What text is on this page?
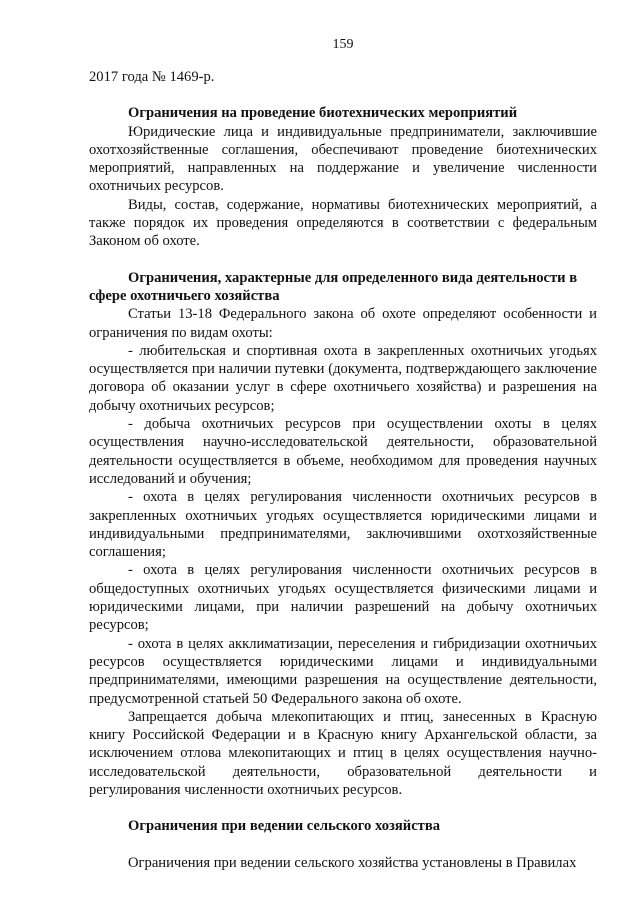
159

2017 года № 1469-р.

Ограничения на проведение биотехнических мероприятий

Юридические лица и индивидуальные предприниматели, заключившие охотхозяйственные соглашения, обеспечивают проведение биотехнических мероприятий, направленных на поддержание и увеличение численности охотничьих ресурсов.

Виды, состав, содержание, нормативы биотехнических мероприятий, а также порядок их проведения определяются в соответствии с федеральным Законом об охоте.

Ограничения, характерные для определенного вида деятельности в сфере охотничьего хозяйства

Статьи 13-18 Федерального закона об охоте определяют особенности и ограничения по видам охоты:

- любительская и спортивная охота в закрепленных охотничьих угодьях осуществляется при наличии путевки (документа, подтверждающего заключение договора об оказании услуг в сфере охотничьего хозяйства) и разрешения на добычу охотничьих ресурсов;

- добыча охотничьих ресурсов при осуществлении охоты в целях осуществления научно-исследовательской деятельности, образовательной деятельности осуществляется в объеме, необходимом для проведения научных исследований и обучения;

- охота в целях регулирования численности охотничьих ресурсов в закрепленных охотничьих угодьях осуществляется юридическими лицами и индивидуальными предпринимателями, заключившими охотхозяйственные соглашения;

- охота в целях регулирования численности охотничьих ресурсов в общедоступных охотничьих угодьях осуществляется физическими лицами и юридическими лицами, при наличии разрешений на добычу охотничьих ресурсов;

- охота в целях акклиматизации, переселения и гибридизации охотничьих ресурсов осуществляется юридическими лицами и индивидуальными предпринимателями, имеющими разрешения на осуществление деятельности, предусмотренной статьей 50 Федерального закона об охоте.

Запрещается добыча млекопитающих и птиц, занесенных в Красную книгу Российской Федерации и в Красную книгу Архангельской области, за исключением отлова млекопитающих и птиц в целях осуществления научно-исследовательской деятельности, образовательной деятельности и регулирования численности охотничьих ресурсов.

Ограничения при ведении сельского хозяйства

Ограничения при ведении сельского хозяйства установлены в Правилах
